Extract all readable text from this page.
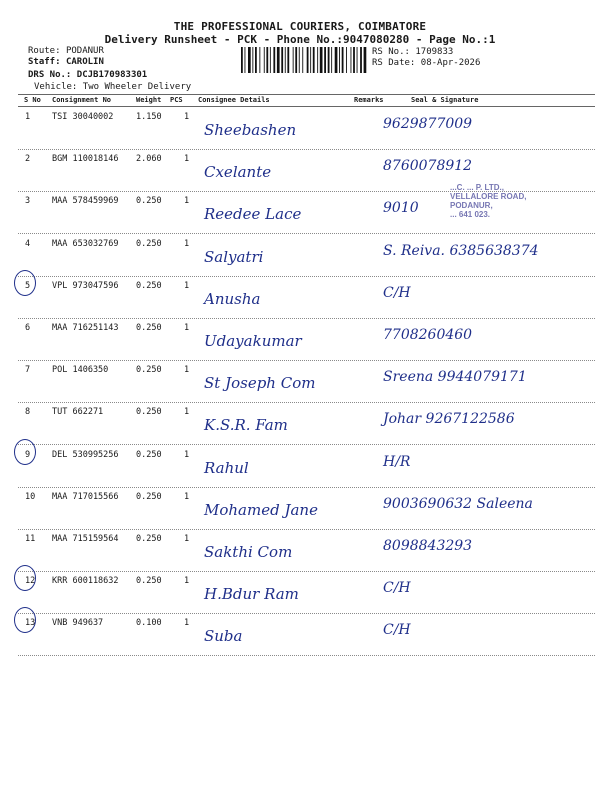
THE PROFESSIONAL COURIERS, COIMBATORE
Delivery Runsheet - PCK - Phone No.:9047080280 - Page No.:1
Route: PODANUR
Staff: CAROLIN
DRS No.: DCJB170983301
Vehicle: Two Wheeler Delivery
RS No.: 1709833
RS Date: 08-Apr-2026
S No Consignment No	Weight PCS Consignee Details	Remarks	Seal & Signature
1	TSI 30040002	1.150	1
Sheebashen	9629877009
2	BGM 110018146 2.060	1
Cxelante	8760078912
3	MAA 578459969 0.250	1
Reedee Lace	9010
4	MAA 653032769 0.250	1
Salyatri	S. Reiva. 6385638374
5	VPL 973047596 0.250	1
Anusha	C/H
6	MAA 716251143 0.250	1
Udayakumar	7708260460
7	POL 1406350	0.250	1
St Joseph Com	Sreena 9944079171
8	TUT 662271	0.250	1
K.S.R. Fam	Johar 9267122586
9	DEL 530995256 0.250	1
Rahul	H/R
10 MAA 717015566 0.250	1
Mohamed Jane	9003690632 Saleena
11 MAA 715159564 0.250	1
Sakthi Com	8098843293
12 KRR 600118632 0.250	1
H.Bdur Ram	C/H
13 VNB 949637	0.100	1
Suba	C/H
...C. ... P. LTD.,
VELLALORE ROAD,
PODANUR,
... 641 023.
